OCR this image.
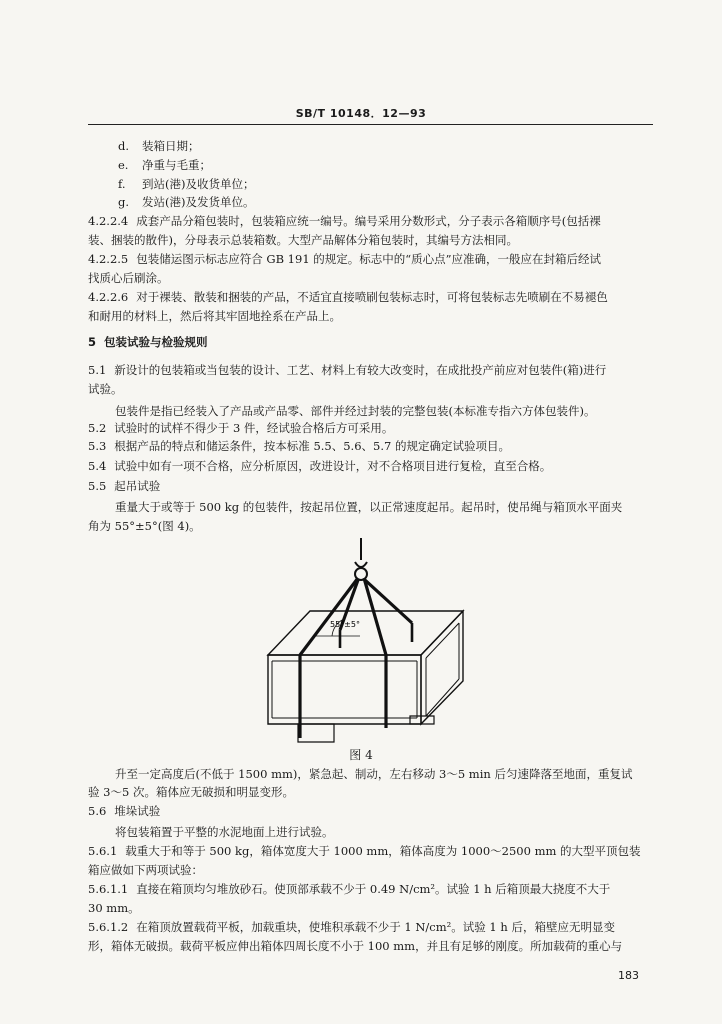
SB/T 10148．12—93
d. 装箱日期；
e. 净重与毛重；
f. 到站(港)及收货单位；
g. 发站(港)及发货单位。
4.2.2.4 成套产品分箱包装时，包装箱应统一编号。编号采用分数形式，分子表示各箱顺序号(包括裸
装、捆装的散件)，分母表示总装箱数。大型产品解体分箱包装时，其编号方法相同。
4.2.2.5 包装储运图示标志应符合 GB 191 的规定。标志中的“质心点”应准确，一般应在封箱后经试
找质心后刷涂。
4.2.2.6 对于裸装、散装和捆装的产品，不适宜直接喷刷包装标志时，可将包装标志先喷刷在不易褪色
和耐用的材料上，然后将其牢固地拴系在产品上。
5 包装试验与检验规则
5.1 新设计的包装箱或当包装的设计、工艺、材料上有较大改变时，在成批投产前应对包装件(箱)进行
试验。
包装件是指已经装入了产品或产品零、部件并经过封装的完整包装(本标准专指六方体包装件)。
5.2 试验时的试样不得少于 3 件，经试验合格后方可采用。
5.3 根据产品的特点和储运条件，按本标准 5.5、5.6、5.7 的规定确定试验项目。
5.4 试验中如有一项不合格，应分析原因，改进设计，对不合格项目进行复检，直至合格。
5.5 起吊试验
重量大于或等于 500 kg 的包装件，按起吊位置，以正常速度起吊。起吊时，使吊绳与箱顶水平面夹
角为 55°±5°(图 4)。
55°±5°
图 4
升至一定高度后(不低于 1500 mm)，紧急起、制动，左右移动 3～5 min 后匀速降落至地面，重复试
验 3～5 次。箱体应无破损和明显变形。
5.6 堆垛试验
将包装箱置于平整的水泥地面上进行试验。
5.6.1 载重大于和等于 500 kg，箱体宽度大于 1000 mm，箱体高度为 1000～2500 mm 的大型平顶包装
箱应做如下两项试验：
5.6.1.1 直接在箱顶均匀堆放砂石。使顶部承载不少于 0.49 N/cm²。试验 1 h 后箱顶最大挠度不大于
30 mm。
5.6.1.2 在箱顶放置载荷平板，加载重块，使堆积承载不少于 1 N/cm²。试验 1 h 后，箱壁应无明显变
形，箱体无破损。载荷平板应伸出箱体四周长度不小于 100 mm，并且有足够的刚度。所加载荷的重心与
183
